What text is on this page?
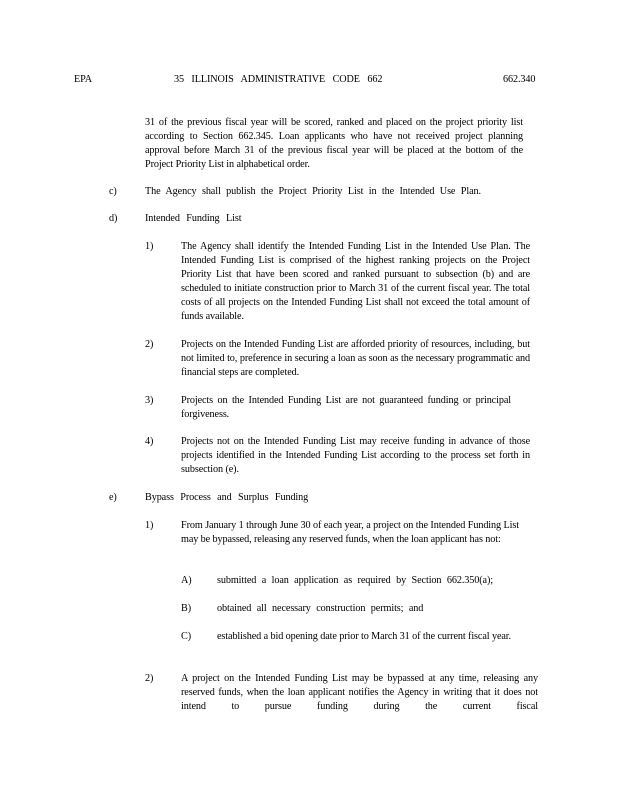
EPA	35 ILLINOIS ADMINISTRATIVE CODE 662	662.340
31 of the previous fiscal year will be scored, ranked and placed on the project priority list according to Section 662.345. Loan applicants who have not received project planning approval before March 31 of the previous fiscal year will be placed at the bottom of the Project Priority List in alphabetical order.
c)	The Agency shall publish the Project Priority List in the Intended Use Plan.
d)	Intended Funding List
1)	The Agency shall identify the Intended Funding List in the Intended Use Plan. The Intended Funding List is comprised of the highest ranking projects on the Project Priority List that have been scored and ranked pursuant to subsection (b) and are scheduled to initiate construction prior to March 31 of the current fiscal year. The total costs of all projects on the Intended Funding List shall not exceed the total amount of funds available.
2)	Projects on the Intended Funding List are afforded priority of resources, including, but not limited to, preference in securing a loan as soon as the necessary programmatic and financial steps are completed.
3)	Projects on the Intended Funding List are not guaranteed funding or principal forgiveness.
4)	Projects not on the Intended Funding List may receive funding in advance of those projects identified in the Intended Funding List according to the process set forth in subsection (e).
e)	Bypass Process and Surplus Funding
1)	From January 1 through June 30 of each year, a project on the Intended Funding List may be bypassed, releasing any reserved funds, when the loan applicant has not:
A) submitted a loan application as required by Section 662.350(a);
B)	obtained all necessary construction permits; and
C)	established a bid opening date prior to March 31 of the current fiscal year.
2)	A project on the Intended Funding List may be bypassed at any time, releasing any reserved funds, when the loan applicant notifies the Agency in writing that it does not intend to pursue funding during the current fiscal
